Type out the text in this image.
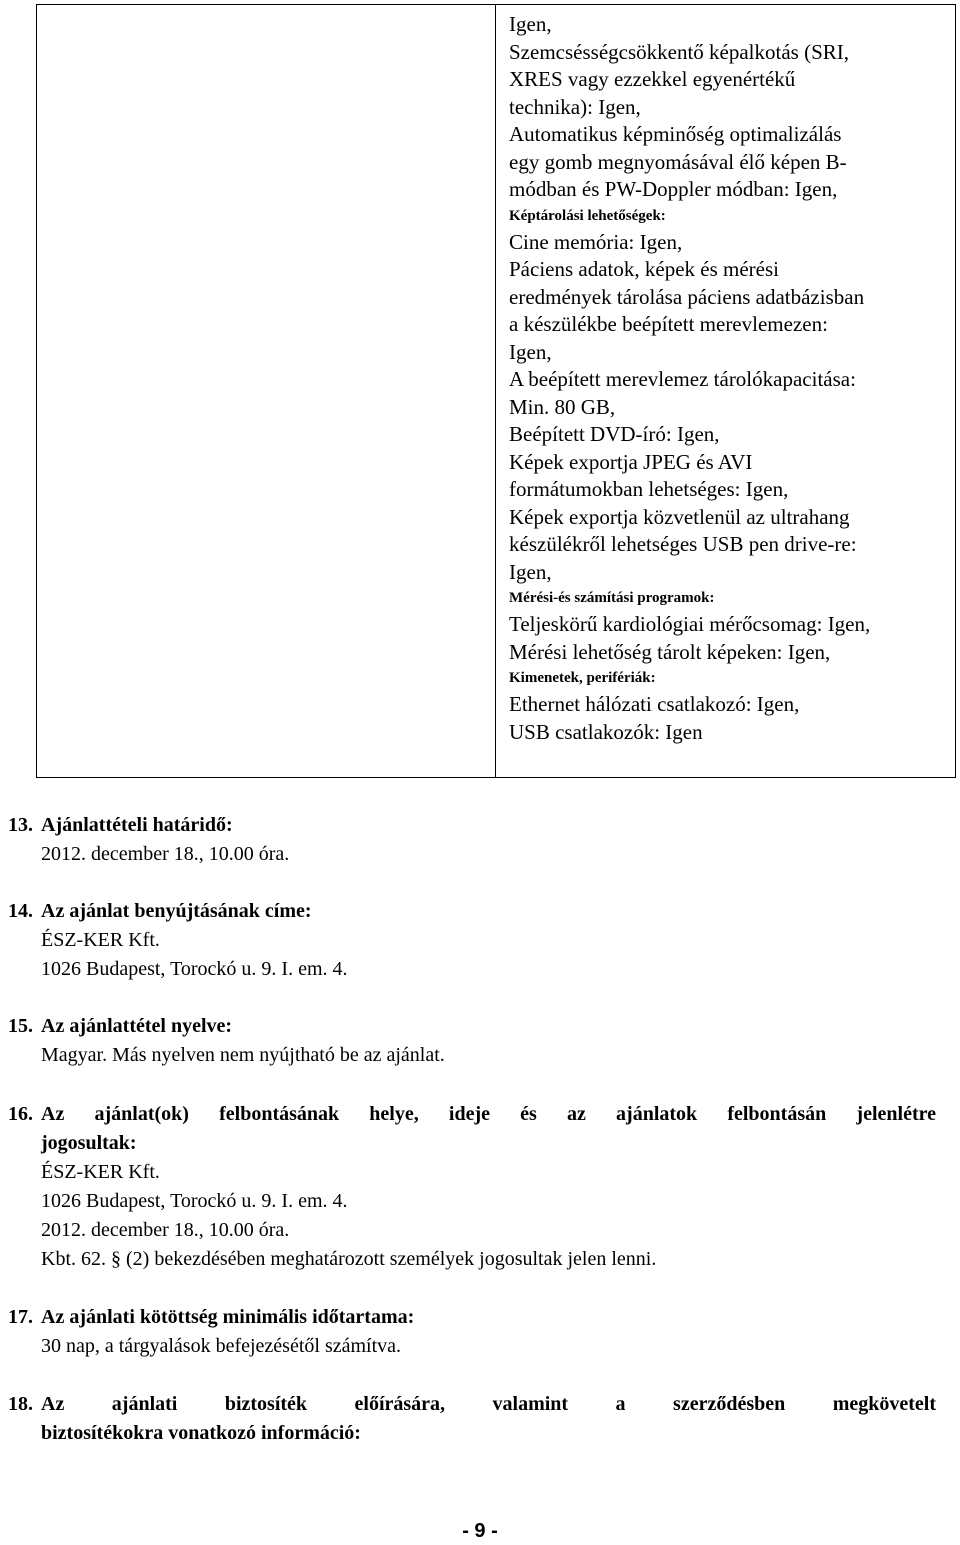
Igen,
Szemcsésségcsökkentő képalkotás (SRI,
XRES vagy ezzekkel egyenértékű
technika): Igen,
Automatikus képminőség optimalizálás
egy gomb megnyomásával élő képen B-
módban és PW-Doppler módban: Igen,
Képtárolási lehetőségek:
Cine memória: Igen,
Páciens adatok, képek és mérési
eredmények tárolása páciens adatbázisban
a készülékbe beépített merevlemezen:
Igen,
A beépített merevlemez tárolókapacitása:
Min. 80 GB,
Beépített DVD-író: Igen,
Képek exportja JPEG és AVI
formátumokban lehetséges: Igen,
Képek exportja közvetlenül az ultrahang
készülékről lehetséges USB pen drive-re:
Igen,
Mérési-és számítási programok:
Teljeskörű kardiológiai mérőcsomag: Igen,
Mérési lehetőség tárolt képeken: Igen,
Kimenetek, perifériák:
Ethernet hálózati csatlakozó: Igen,
USB csatlakozók: Igen
13. Ajánlattételi határidő:
2012. december 18., 10.00 óra.
14. Az ajánlat benyújtásának címe:
ÉSZ-KER Kft.
1026 Budapest, Torockó u. 9. I. em. 4.
15. Az ajánlattétel nyelve:
Magyar. Más nyelven nem nyújtható be az ajánlat.
16. Az ajánlat(ok) felbontásának helye, ideje és az ajánlatok felbontásán jelenlétre
jogosultak:
ÉSZ-KER Kft.
1026 Budapest, Torockó u. 9. I. em. 4.
2012. december 18., 10.00 óra.
Kbt. 62. § (2) bekezdésében meghatározott személyek jogosultak jelen lenni.
17. Az ajánlati kötöttség minimális időtartama:
30 nap, a tárgyalások befejezésétől számítva.
18. Az ajánlati biztosíték előírására, valamint a szerződésben megkövetelt
biztosítékokra vonatkozó információ:
- 9 -
